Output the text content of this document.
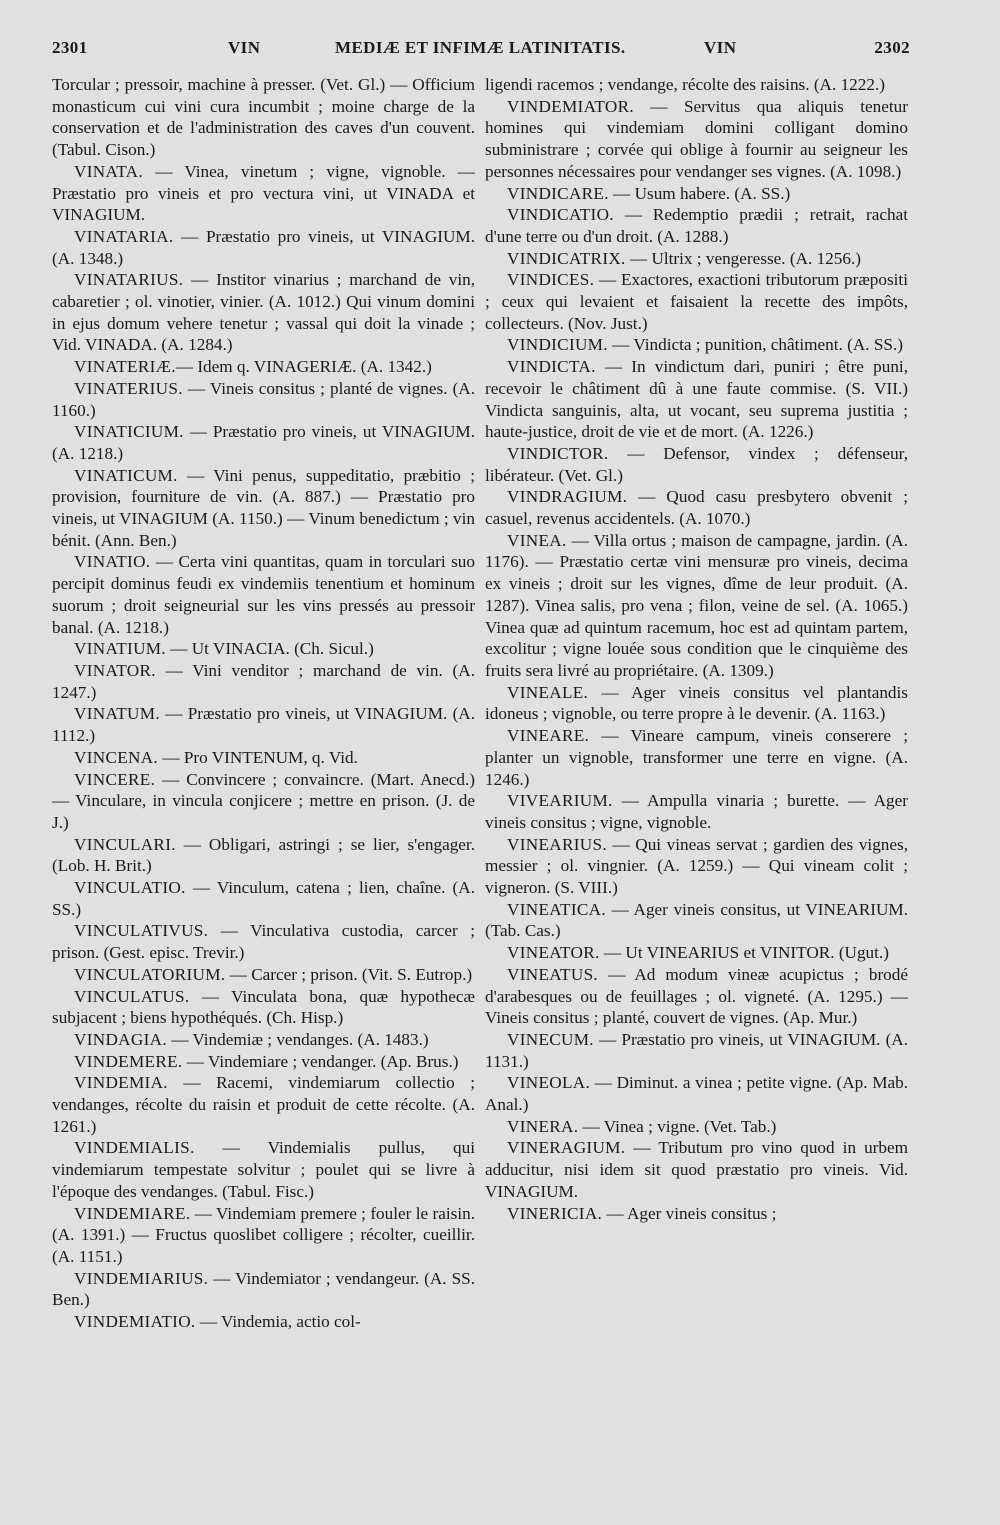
2301	VIN	MEDIÆ ET INFIMÆ LATINITATIS.	VIN	2302

Torcular ; pressoir, machine à presser. (Vet. Gl.) — Officium monasticum cui vini cura incumbit ; moine charge de la conservation et de l'administration des caves d'un couvent. (Tabul. Cison.)

VINATA. — Vinea, vinetum ; vigne, vignoble. — Præstatio pro vineis et pro vectura vini, ut VINADA et VINAGIUM.

VINATARIA. — Præstatio pro vineis, ut VINAGIUM. (A. 1348.)

VINATARIUS. — Institor vinarius ; marchand de vin, cabaretier ; ol. vinotier, vinier. (A. 1012.) Qui vinum domini in ejus domum vehere tenetur ; vassal qui doit la vinade ; Vid. VINADA. (A. 1284.)

VINATERIÆ.— Idem q. VINAGERIÆ. (A. 1342.)

VINATERIUS. — Vineis consitus ; planté de vignes. (A. 1160.)

VINATICIUM. — Præstatio pro vineis, ut VINAGIUM. (A. 1218.)

VINATICUM. — Vini penus, suppeditatio, præbitio ; provision, fourniture de vin. (A. 887.) — Præstatio pro vineis, ut VINAGIUM (A. 1150.) — Vinum benedictum ; vin bénit. (Ann. Ben.)

VINATIO. — Certa vini quantitas, quam in torculari suo percipit dominus feudi ex vindemiis tenentium et hominum suorum ; droit seigneurial sur les vins pressés au pressoir banal. (A. 1218.)

VINATIUM. — Ut VINACIA. (Ch. Sicul.)

VINATOR. — Vini venditor ; marchand de vin. (A. 1247.)

VINATUM. — Præstatio pro vineis, ut VINAGIUM. (A. 1112.)

VINCENA. — Pro VINTENUM, q. Vid.

VINCERE. — Convincere ; convaincre. (Mart. Anecd.) — Vinculare, in vincula conjicere ; mettre en prison. (J. de J.)

VINCULARI. — Obligari, astringi ; se lier, s'engager. (Lob. H. Brit.)

VINCULATIO. — Vinculum, catena ; lien, chaîne. (A. SS.)

VINCULATIVUS. — Vinculativa custodia, carcer ; prison. (Gest. episc. Trevir.)

VINCULATORIUM. — Carcer ; prison. (Vit. S. Eutrop.)

VINCULATUS. — Vinculata bona, quæ hypothecæ subjacent ; biens hypothéqués. (Ch. Hisp.)

VINDAGIA. — Vindemiæ ; vendanges. (A. 1483.)

VINDEMERE. — Vindemiare ; vendanger. (Ap. Brus.)

VINDEMIA. — Racemi, vindemiarum collectio ; vendanges, récolte du raisin et produit de cette récolte. (A. 1261.)

VINDEMIALIS. — Vindemialis pullus, qui vindemiarum tempestate solvitur ; poulet qui se livre à l'époque des vendanges. (Tabul. Fisc.)

VINDEMIARE. — Vindemiam premere ; fouler le raisin. (A. 1391.) — Fructus quoslibet colligere ; récolter, cueillir. (A. 1151.)

VINDEMIARIUS. — Vindemiator ; vendangeur. (A. SS. Ben.)

VINDEMIATIO. — Vindemia, actio col-

ligendi racemos ; vendange, récolte des raisins. (A. 1222.)

VINDEMIATOR. — Servitus qua aliquis tenetur homines qui vindemiam domini colligant domino subministrare ; corvée qui oblige à fournir au seigneur les personnes nécessaires pour vendanger ses vignes. (A. 1098.)

VINDICARE. — Usum habere. (A. SS.)

VINDICATIO. — Redemptio prædii ; retrait, rachat d'une terre ou d'un droit. (A. 1288.)

VINDICATRIX. — Ultrix ; vengeresse. (A. 1256.)

VINDICES. — Exactores, exactioni tributorum præpositi ; ceux qui levaient et faisaient la recette des impôts, collecteurs. (Nov. Just.)

VINDICIUM. — Vindicta ; punition, châtiment. (A. SS.)

VINDICTA. — In vindictum dari, puniri ; être puni, recevoir le châtiment dû à une faute commise. (S. VII.) Vindicta sanguinis, alta, ut vocant, seu suprema justitia ; haute-justice, droit de vie et de mort. (A. 1226.)

VINDICTOR. — Defensor, vindex ; défenseur, libérateur. (Vet. Gl.)

VINDRAGIUM. — Quod casu presbytero obvenit ; casuel, revenus accidentels. (A. 1070.)

VINEA. — Villa ortus ; maison de campagne, jardin. (A. 1176). — Præstatio certæ vini mensuræ pro vineis, decima ex vineis ; droit sur les vignes, dîme de leur produit. (A. 1287). Vinea salis, pro vena ; filon, veine de sel. (A. 1065.) Vinea quæ ad quintum racemum, hoc est ad quintam partem, excolitur ; vigne louée sous condition que le cinquième des fruits sera livré au propriétaire. (A. 1309.)

VINEALE. — Ager vineis consitus vel plantandis idoneus ; vignoble, ou terre propre à le devenir. (A. 1163.)

VINEARE. — Vineare campum, vineis conserere ; planter un vignoble, transformer une terre en vigne. (A. 1246.)

VIVEARIUM. — Ampulla vinaria ; burette. — Ager vineis consitus ; vigne, vignoble.

VINEARIUS. — Qui vineas servat ; gardien des vignes, messier ; ol. vingnier. (A. 1259.) — Qui vineam colit ; vigneron. (S. VIII.)

VINEATICA. — Ager vineis consitus, ut VINEARIUM. (Tab. Cas.)

VINEATOR. — Ut VINEARIUS et VINITOR. (Ugut.)

VINEATUS. — Ad modum vineæ acupictus ; brodé d'arabesques ou de feuillages ; ol. vigneté. (A. 1295.) — Vineis consitus ; planté, couvert de vignes. (Ap. Mur.)

VINECUM. — Præstatio pro vineis, ut VINAGIUM. (A. 1131.)

VINEOLA. — Diminut. a vinea ; petite vigne. (Ap. Mab. Anal.)

VINERA. — Vinea ; vigne. (Vet. Tab.)

VINERAGIUM. — Tributum pro vino quod in urbem adducitur, nisi idem sit quod præstatio pro vineis. Vid. VINAGIUM.

VINERICIA. — Ager vineis consitus ;
